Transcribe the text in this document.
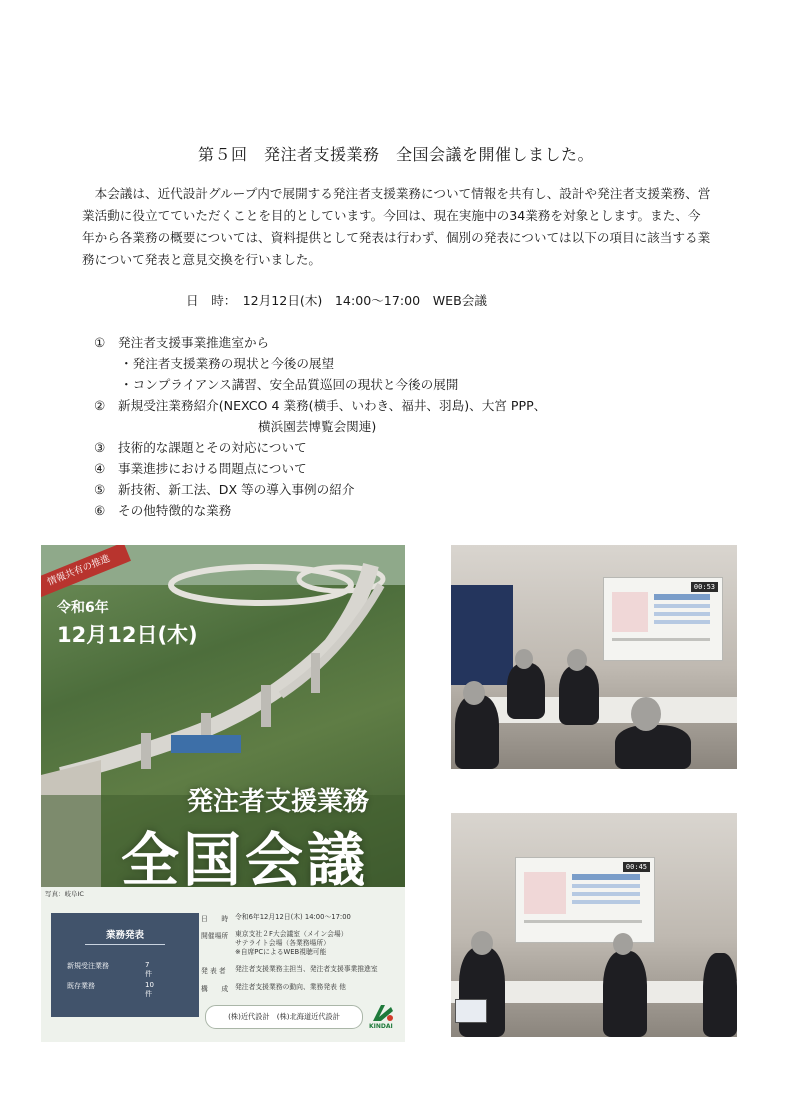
第５回　発注者支援業務　全国会議を開催しました。
本会議は、近代設計グループ内で展開する発注者支援業務について情報を共有し、設計や発注者支援業務、営業活動に役立てていただくことを目的としています。今回は、現在実施中の34業務を対象とします。また、今年から各業務の概要については、資料提供として発表は行わず、個別の発表については以下の項目に該当する業務について発表と意見交換を行いました。
日　時：　12月12日(木)　14:00～17:00　WEB会議
① 発注者支援事業推進室から
・発注者支援業務の現状と今後の展望
・コンプライアンス講習、安全品質巡回の現状と今後の展開
② 新規受注業務紹介(NEXCO 4 業務(横手、いわき、福井、羽島)、大宮 PPP、
横浜園芸博覧会関連)
③ 技術的な課題とその対応について
④ 事業進捗における問題点について
⑤ 新技術、新工法、DX 等の導入事例の紹介
⑥ その他特徴的な業務
情報共有の推進
令和6年
12月12日(木)
発注者支援業務
全国会議
写真：岐阜IC
業務発表
新規受注業務	7件
既存業務	10件
日　　時	令和6年12月12日(木) 14:00～17:00
開催場所	東京支社２F大会議室（メイン会場）
サテライト会場（各業務場所）
※自席PCによるWEB視聴可能
発 表 者	発注者支援業務主担当、発注者支援事業推進室
構　　成	発注者支援業務の動向、業務発表 他
(株)近代設計　(株)北海道近代設計
KINDAI
00:53
00:45
